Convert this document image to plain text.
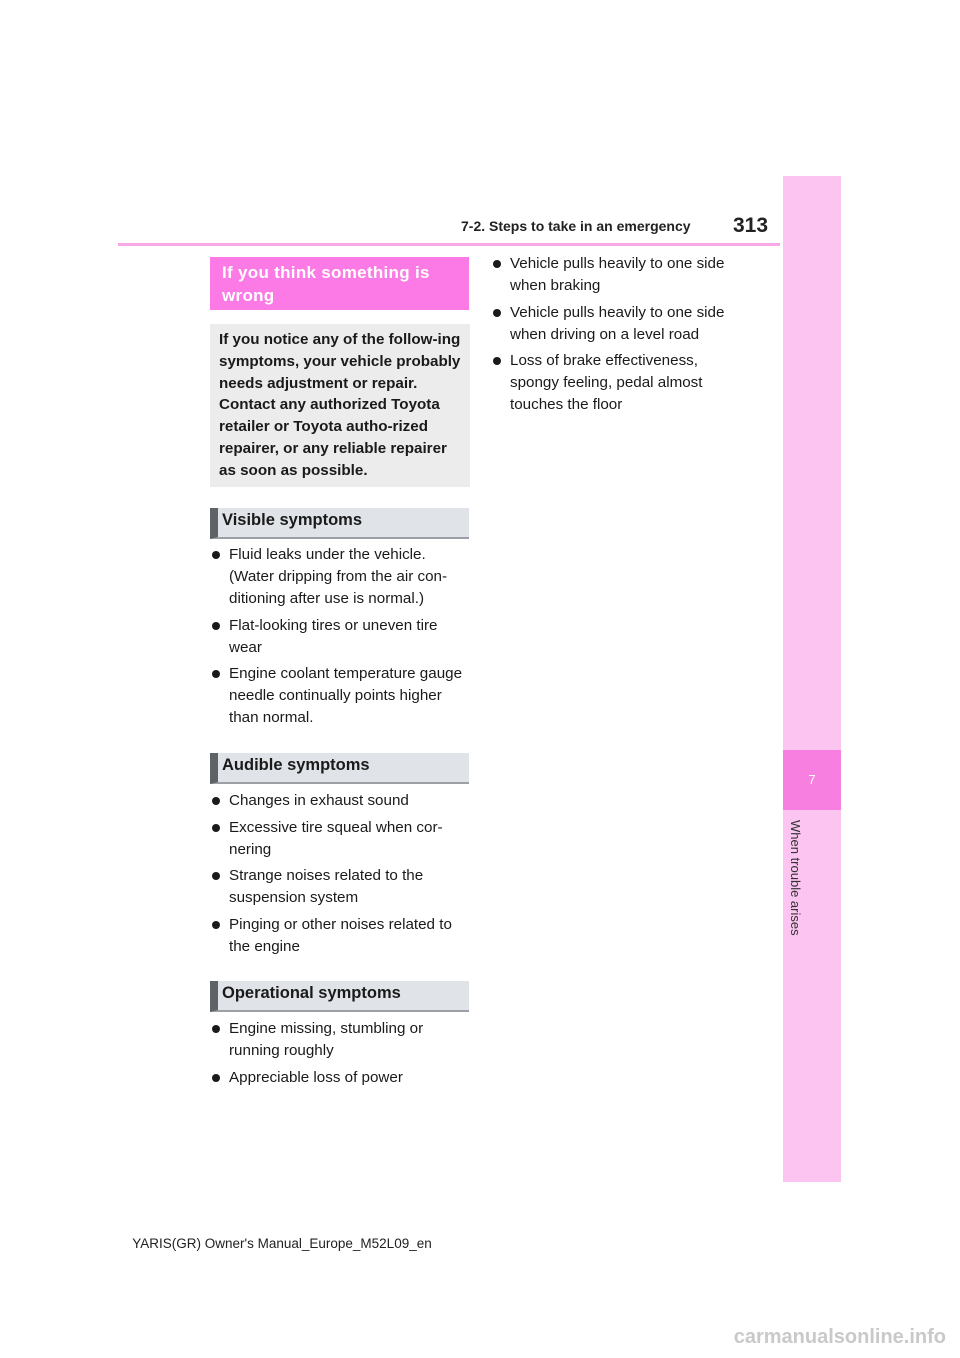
7-2. Steps to take in an emergency 313
7
When trouble arises
If you think something is wrong
If you notice any of the follow-ing symptoms, your vehicle probably needs adjustment or repair. Contact any authorized Toyota retailer or Toyota autho-rized repairer, or any reliable repairer as soon as possible.
Visible symptoms
Fluid leaks under the vehicle. (Water dripping from the air con-ditioning after use is normal.)
Flat-looking tires or uneven tire wear
Engine coolant temperature gauge needle continually points higher than normal.
Audible symptoms
Changes in exhaust sound
Excessive tire squeal when cor-nering
Strange noises related to the suspension system
Pinging or other noises related to the engine
Operational symptoms
Engine missing, stumbling or running roughly
Appreciable loss of power
Vehicle pulls heavily to one side when braking
Vehicle pulls heavily to one side when driving on a level road
Loss of brake effectiveness, spongy feeling, pedal almost touches the floor
YARIS(GR) Owner's Manual_Europe_M52L09_en
carmanualsonline.info
